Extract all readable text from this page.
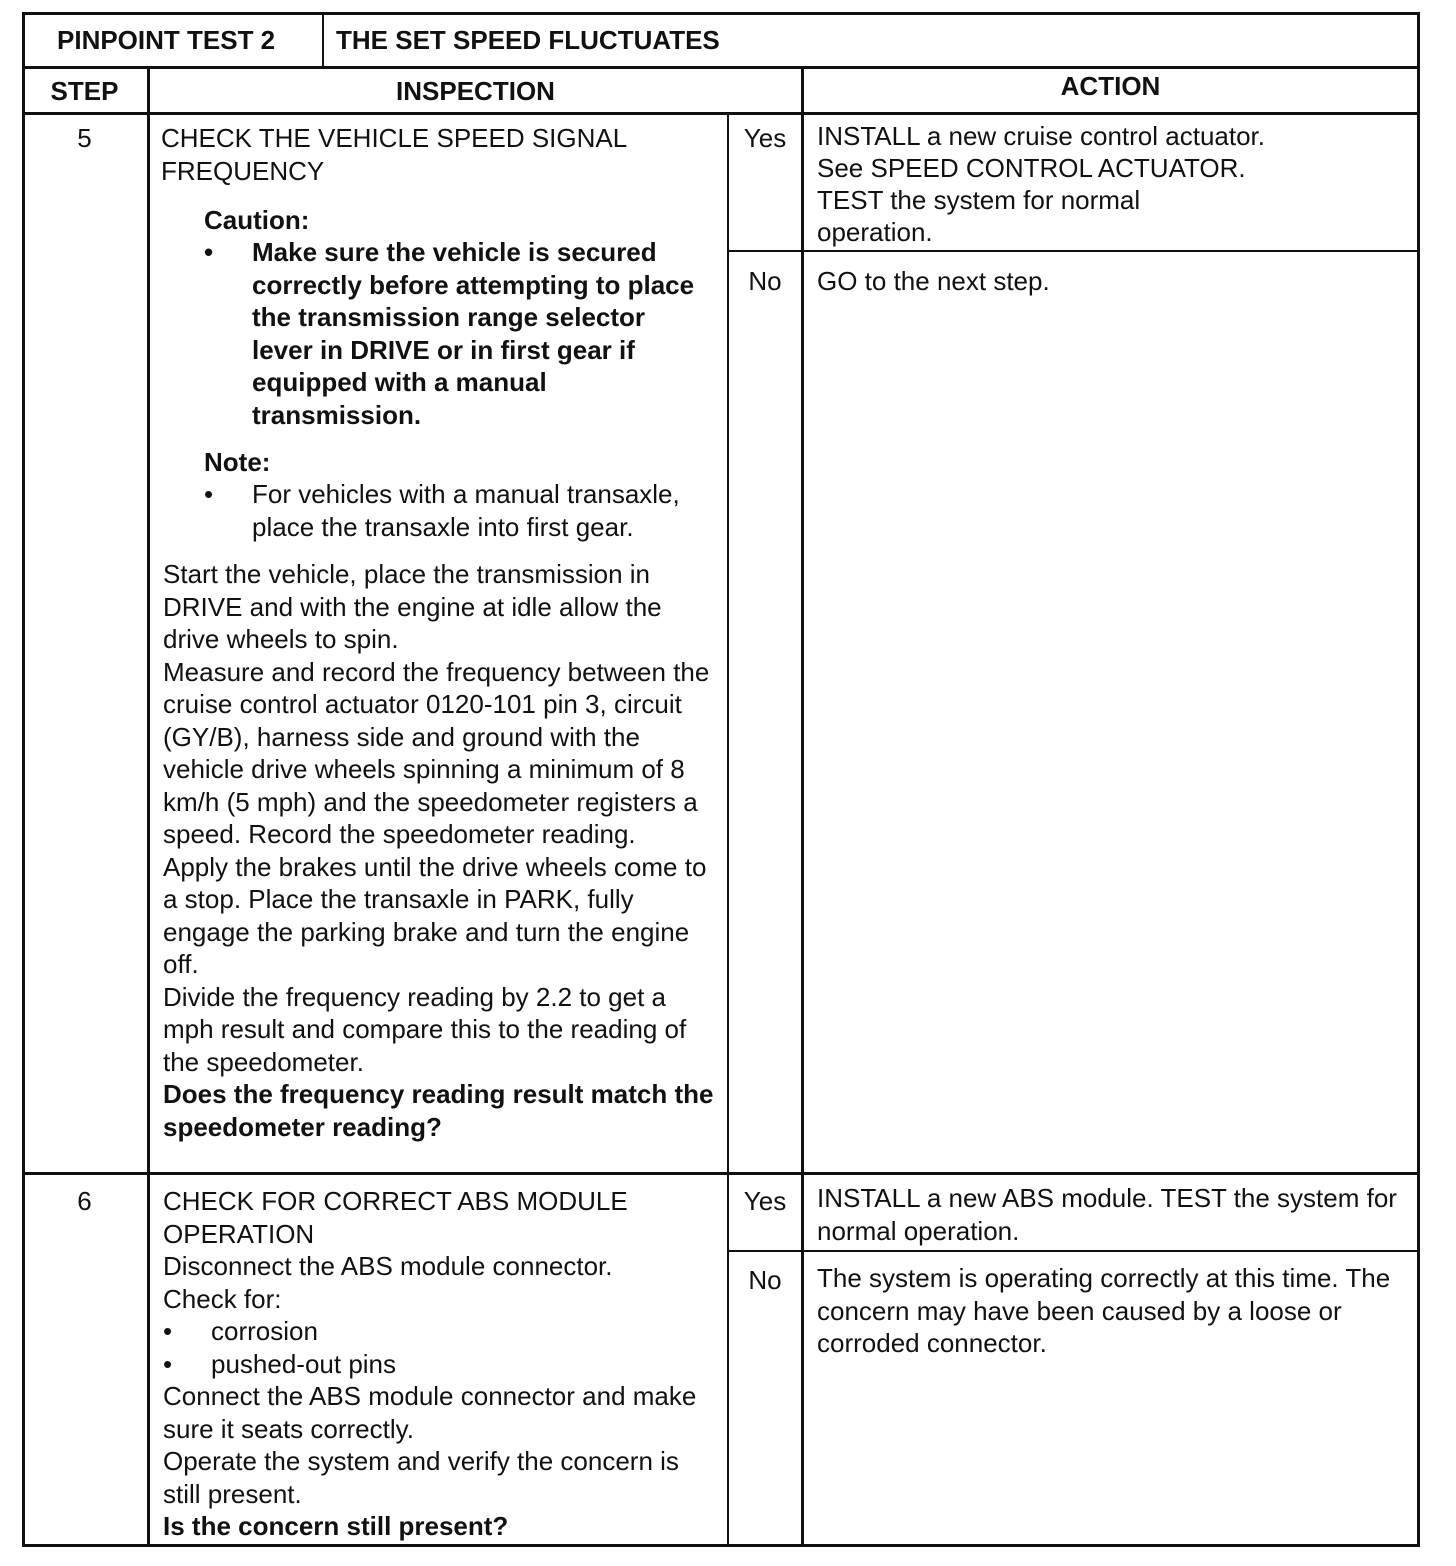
PINPOINT TEST 2 THE SET SPEED FLUCTUATES
STEP	INSPECTION	ACTION
5	CHECK THE VEHICLE SPEED SIGNAL FREQUENCY
Caution:
• Make sure the vehicle is secured correctly before attempting to place the transmission range selector lever in DRIVE or in first gear if equipped with a manual transmission.
Note:
• For vehicles with a manual transaxle, place the transaxle into first gear.
Start the vehicle, place the transmission in DRIVE and with the engine at idle allow the drive wheels to spin.
Measure and record the frequency between the cruise control actuator 0120-101 pin 3, circuit (GY/B), harness side and ground with the vehicle drive wheels spinning a minimum of 8 km/h (5 mph) and the speedometer registers a speed. Record the speedometer reading.
Apply the brakes until the drive wheels come to a stop. Place the transaxle in PARK, fully engage the parking brake and turn the engine off.
Divide the frequency reading by 2.2 to get a mph result and compare this to the reading of the speedometer.
Does the frequency reading result match the speedometer reading?
Yes	INSTALL a new cruise control actuator.
See SPEED CONTROL ACTUATOR.
TEST the system for normal operation.
No	GO to the next step.
6	CHECK FOR CORRECT ABS MODULE OPERATION
Disconnect the ABS module connector.
Check for:
• corrosion
• pushed-out pins
Connect the ABS module connector and make sure it seats correctly.
Operate the system and verify the concern is still present.
Is the concern still present?
Yes	INSTALL a new ABS module. TEST the system for normal operation.
No	The system is operating correctly at this time. The concern may have been caused by a loose or corroded connector.
